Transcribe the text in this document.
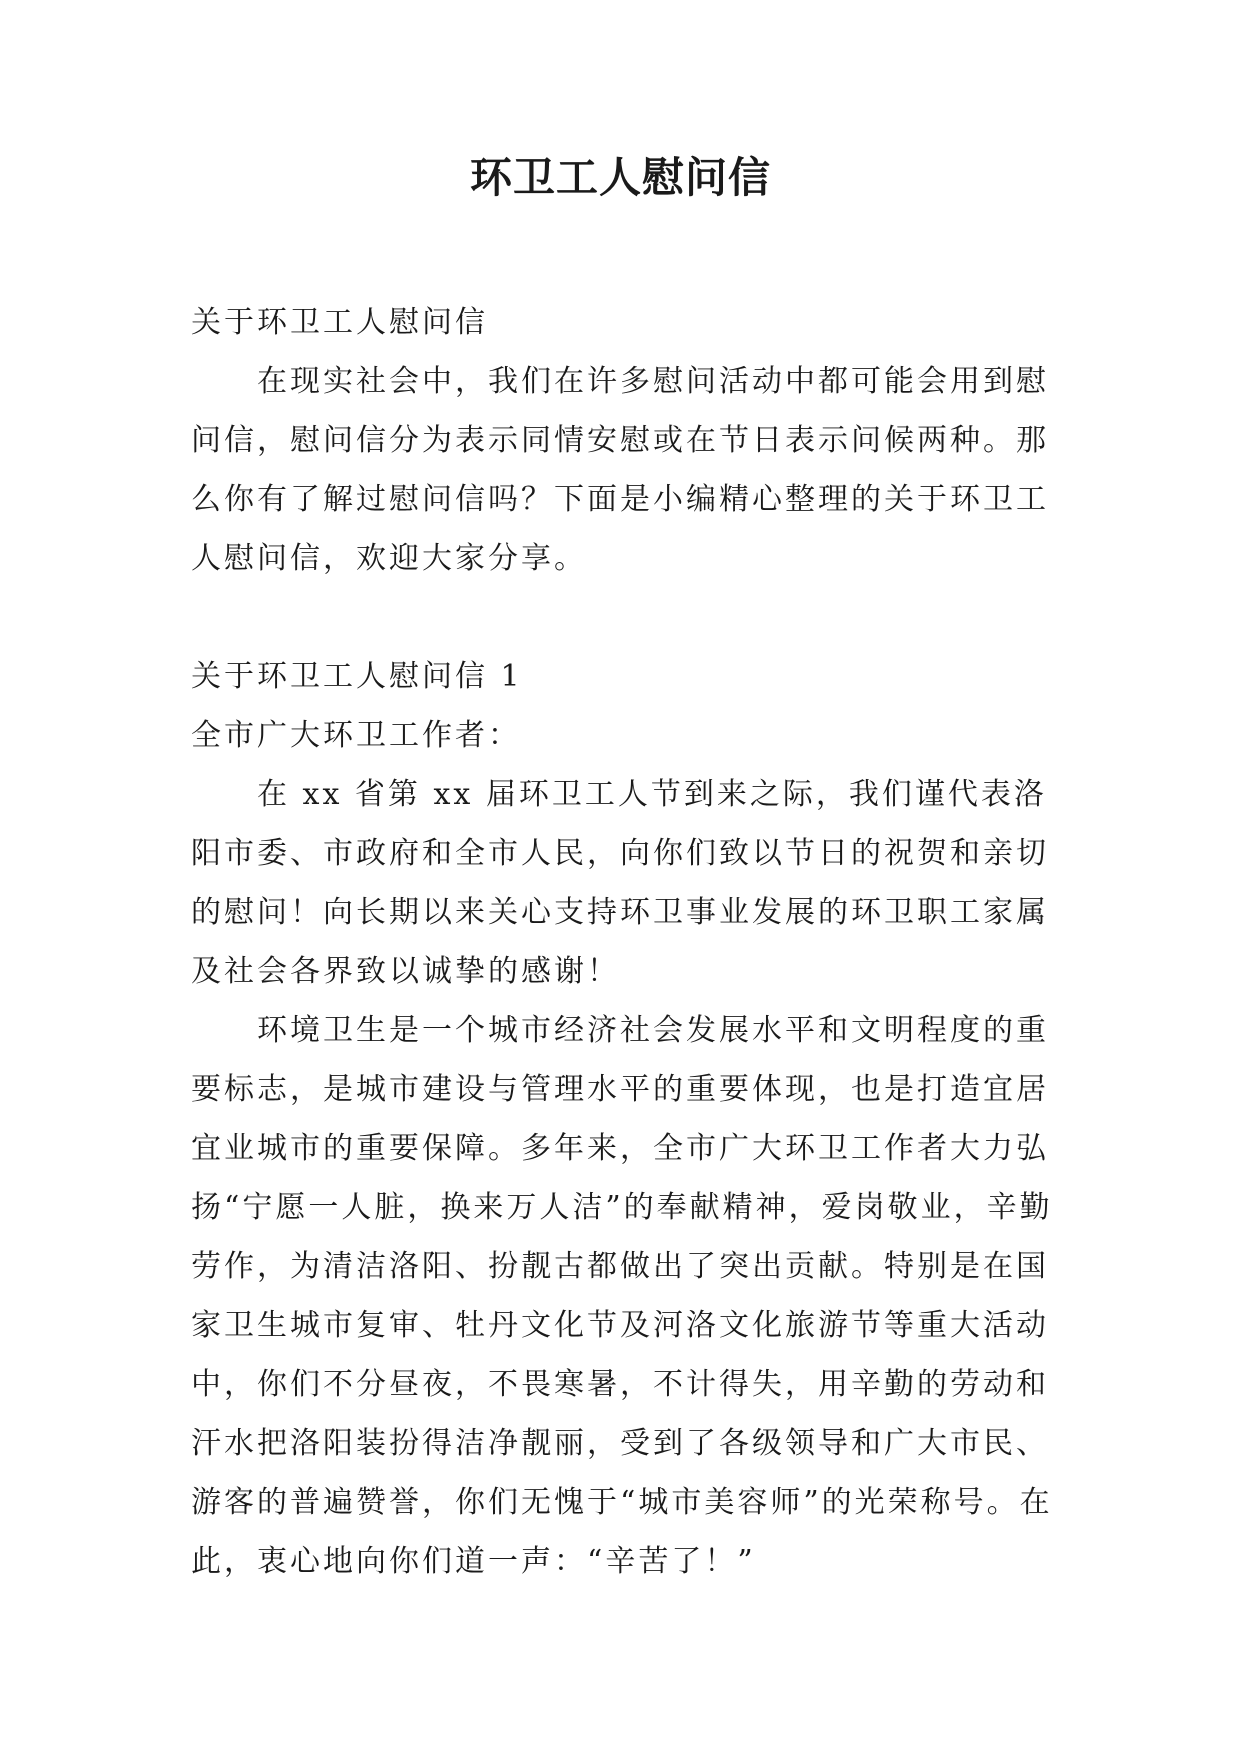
环卫工人慰问信

关于环卫工人慰问信

在现实社会中，我们在许多慰问活动中都可能会用到慰问信，慰问信分为表示同情安慰或在节日表示问候两种。那么你有了解过慰问信吗？下面是小编精心整理的关于环卫工人慰问信，欢迎大家分享。

关于环卫工人慰问信 1

全市广大环卫工作者：

在 xx 省第 xx 届环卫工人节到来之际，我们谨代表洛阳市委、市政府和全市人民，向你们致以节日的祝贺和亲切的慰问！向长期以来关心支持环卫事业发展的环卫职工家属及社会各界致以诚挚的感谢！

环境卫生是一个城市经济社会发展水平和文明程度的重要标志，是城市建设与管理水平的重要体现，也是打造宜居宜业城市的重要保障。多年来，全市广大环卫工作者大力弘扬“宁愿一人脏，换来万人洁”的奉献精神，爱岗敬业，辛勤劳作，为清洁洛阳、扮靓古都做出了突出贡献。特别是在国家卫生城市复审、牡丹文化节及河洛文化旅游节等重大活动中，你们不分昼夜，不畏寒暑，不计得失，用辛勤的劳动和汗水把洛阳装扮得洁净靓丽，受到了各级领导和广大市民、游客的普遍赞誉，你们无愧于“城市美容师”的光荣称号。在此，衷心地向你们道一声：“辛苦了！”
